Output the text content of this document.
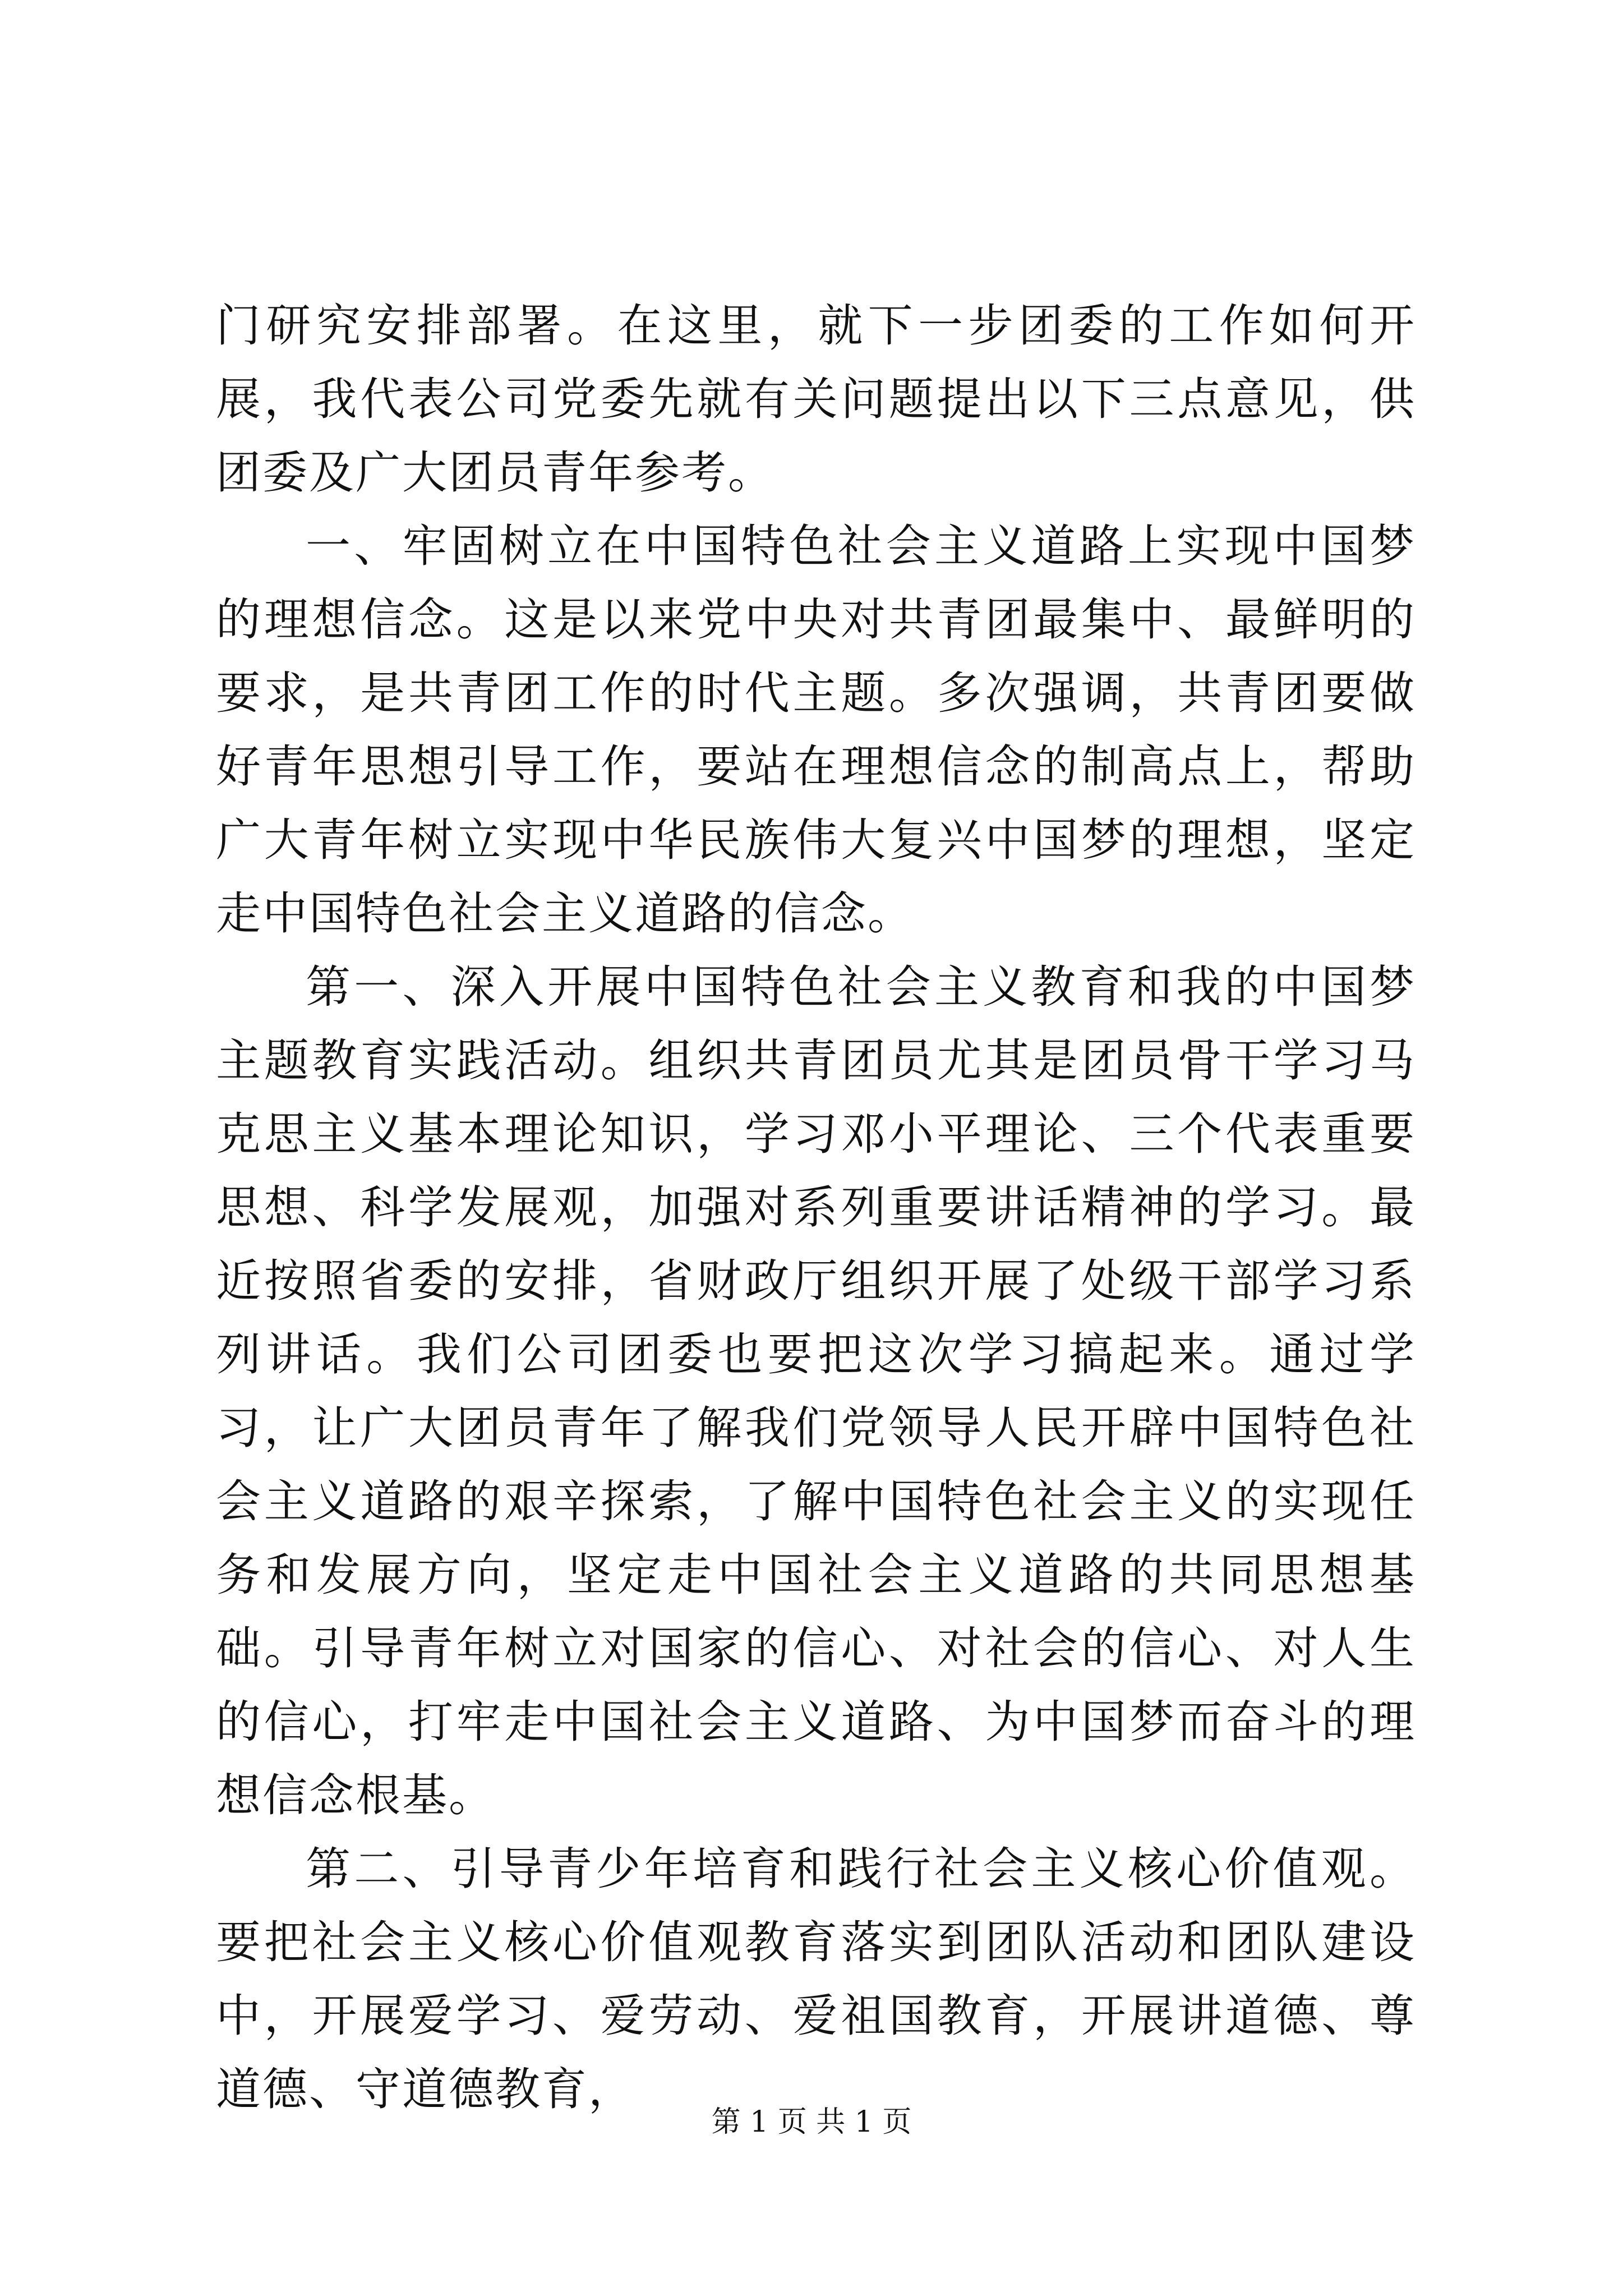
门研究安排部署。在这里，就下一步团委的工作如何开展，我代表公司党委先就有关问题提出以下三点意见，供团委及广大团员青年参考。

一、牢固树立在中国特色社会主义道路上实现中国梦的理想信念。这是以来党中央对共青团最集中、最鲜明的要求，是共青团工作的时代主题。多次强调，共青团要做好青年思想引导工作，要站在理想信念的制高点上，帮助广大青年树立实现中华民族伟大复兴中国梦的理想，坚定走中国特色社会主义道路的信念。

第一、深入开展中国特色社会主义教育和我的中国梦主题教育实践活动。组织共青团员尤其是团员骨干学习马克思主义基本理论知识，学习邓小平理论、三个代表重要思想、科学发展观，加强对系列重要讲话精神的学习。最近按照省委的安排，省财政厅组织开展了处级干部学习系列讲话。我们公司团委也要把这次学习搞起来。通过学习，让广大团员青年了解我们党领导人民开辟中国特色社会主义道路的艰辛探索，了解中国特色社会主义的实现任务和发展方向，坚定走中国社会主义道路的共同思想基础。引导青年树立对国家的信心、对社会的信心、对人生的信心，打牢走中国社会主义道路、为中国梦而奋斗的理想信念根基。

第二、引导青少年培育和践行社会主义核心价值观。要把社会主义核心价值观教育落实到团队活动和团队建设中，开展爱学习、爱劳动、爱祖国教育，开展讲道德、尊道德、守道德教育，

第 1 页 共 1 页
